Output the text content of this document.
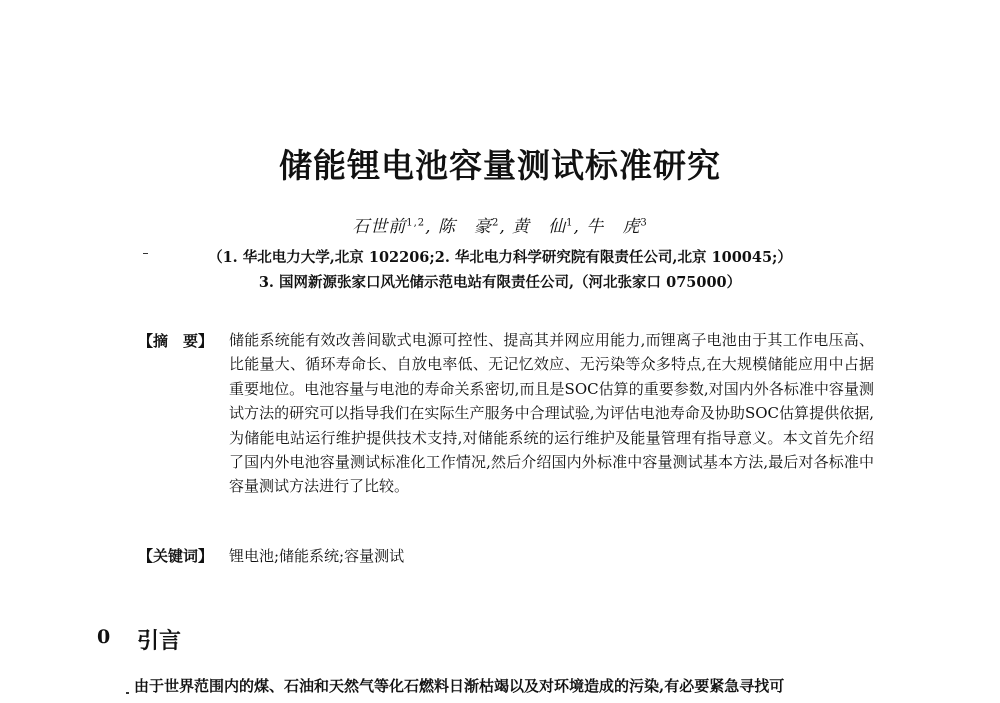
储能锂电池容量测试标准研究
石世前$^{1,2}$, 陈　豪$^2$, 黄　仙$^1$, 牛　虎$^3$
（1. 华北电力大学,北京 102206;2. 华北电力科学研究院有限责任公司,北京 100045;）
3. 国网新源张家口风光储示范电站有限责任公司,（河北张家口 075000）
【摘　要】 储能系统能有效改善间歇式电源可控性、提高其并网应用能力,而锂离子电池由于其工作电压高、比能量大、循环寿命长、自放电率低、无记忆效应、无污染等众多特点,在大规模储能应用中占据重要地位。电池容量与电池的寿命关系密切,而且是SOC估算的重要参数,对国内外各标准中容量测试方法的研究可以指导我们在实际生产服务中合理试验,为评估电池寿命及协助SOC估算提供依据,为储能电站运行维护提供技术支持,对储能系统的运行维护及能量管理有指导意义。本文首先介绍了国内外电池容量测试标准化工作情况,然后介绍国内外标准中容量测试基本方法,最后对各标准中容量测试方法进行了比较。
【关键词】 锂电池;储能系统;容量测试
0 引言
由于世界范围内的煤、石油和天然气等化石燃料日渐枯竭以及对环境造成的污染,有必要紧急寻找可
